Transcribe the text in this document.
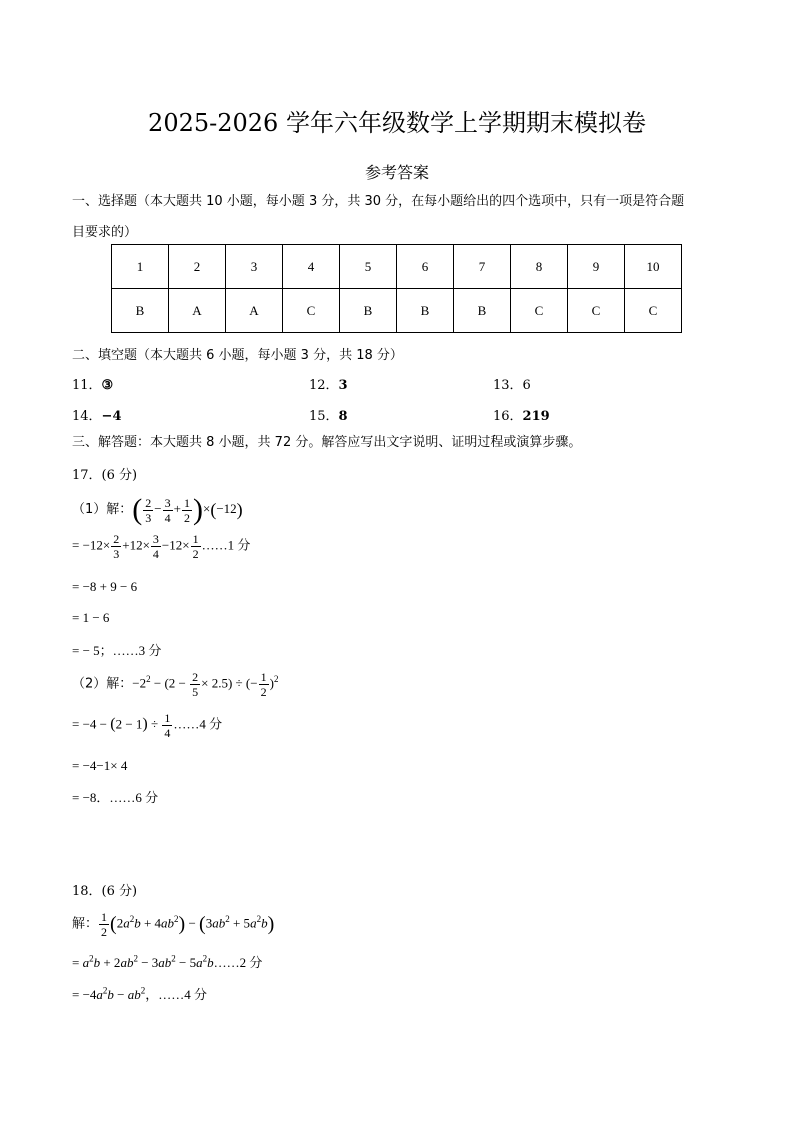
2025-2026 学年六年级数学上学期期末模拟卷
参考答案
一、选择题（本大题共 10 小题，每小题 3 分，共 30 分，在每小题给出的四个选项中，只有一项是符合题
目要求的）
1	2	3	4	5	6	7	8	9	10
B	A	A	C	B	B	B	C	C	C
二、填空题（本大题共 6 小题，每小题 3 分，共 18 分）
11．③	12．3	13．6
14．−4	15．8	16．219
三、解答题：本大题共 8 小题，共 72 分。解答应写出文字说明、证明过程或演算步骤。
17．(6 分)
（1）解：( $\frac{2}{3} - \frac{3}{4} + \frac{1}{2} )\times(-12)$
= $-12\times \frac{2}{3} +12\times \frac{3}{4} -12\times \frac{1}{2}$ ……1 分
= −8 + 9 − 6
= 1 − 6
= − 5；……3 分
（2）解：$-2^2 - (2 - \frac{2}{5} \times 2.5)$ ÷ (− $\frac{1}{2} )^2$
= $-4 - (2 - 1) \div \frac{1}{4}$ ……4 分
= −4−1× 4
= −8．……6 分
18．(6 分)
解： $\frac{1}{2} (2a^2b + 4ab^2) - (3ab^2 + 5a^2b)$
= $a^2b + 2ab^2 - 3ab^2$ − $5a^2b\dots\dots 2$ 分
= $-4a^2b - ab^2$，……4 分
